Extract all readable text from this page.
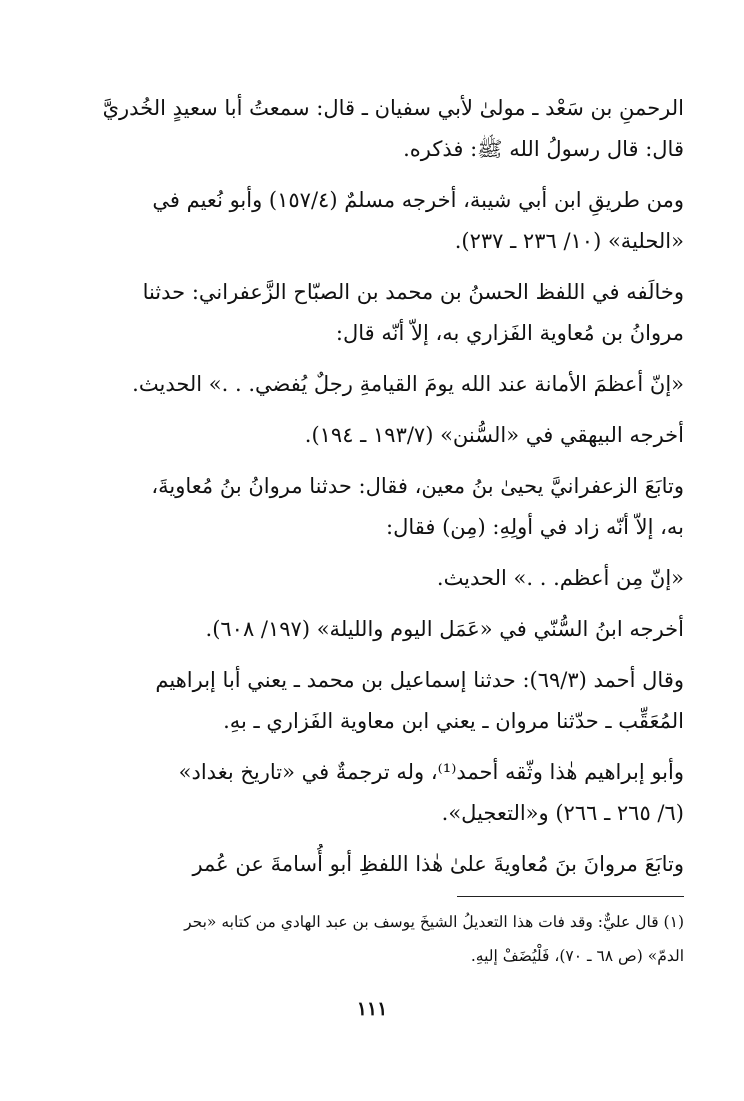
الرحمنِ بن سَعْد ـ مولىٰ لأبي سفيان ـ قال: سمعتُ أبا سعيدٍ الخُدريَّ
قال: قال رسولُ الله ﷺ: فذكره.
ومن طريقِ ابن أبي شيبة، أخرجه مسلمٌ (١٥٧/٤) وأبو نُعيم في
«الحلية» (١٠/ ٢٣٦ ـ ٢٣٧).
وخالَفه في اللفظ الحسنُ بن محمد بن الصبّاح الزَّعفراني: حدثنا
مروانُ بن مُعاوية الفَزاري به، إلاّ أنّه قال:
«إنّ أعظمَ الأمانة عند الله يومَ القيامةِ رجلٌ يُفضي. . .» الحديث.
أخرجه البيهقي في «السُّنن» (١٩٣/٧ ـ ١٩٤).
وتابَعَ الزعفرانيَّ يحيىٰ بنُ معين، فقال: حدثنا مروانُ بنُ مُعاويةَ،
به، إلاّ أنّه زاد في أولِهِ: (مِن) فقال:
«إنّ مِن أعظم. . .» الحديث.
أخرجه ابنُ السُّنّي في «عَمَل اليوم والليلة» (١٩٧/ ٦٠٨).
وقال أحمد (٦٩/٣): حدثنا إسماعيل بن محمد ـ يعني أبا إبراهيم
المُعَقِّب ـ حدّثنا مروان ـ يعني ابن معاوية الفَزاري ـ بهِ.
وأبو إبراهيم هٰذا وثّقه أحمد⁽¹⁾، وله ترجمةٌ في «تاريخ بغداد»
(٦/ ٢٦٥ ـ ٢٦٦) و«التعجيل».
وتابَعَ مروانَ بنَ مُعاويةَ علىٰ هٰذا اللفظِ أبو أُسامةَ عن عُمر
(١) قال عليٌّ: وقد فات هذا التعديلُ الشيخَ يوسف بن عبد الهادي من كتابه «بحر
الدمّ» (ص ٦٨ ـ ٧٠)، فَلْيُضَفْ إليهِ.
١١١
